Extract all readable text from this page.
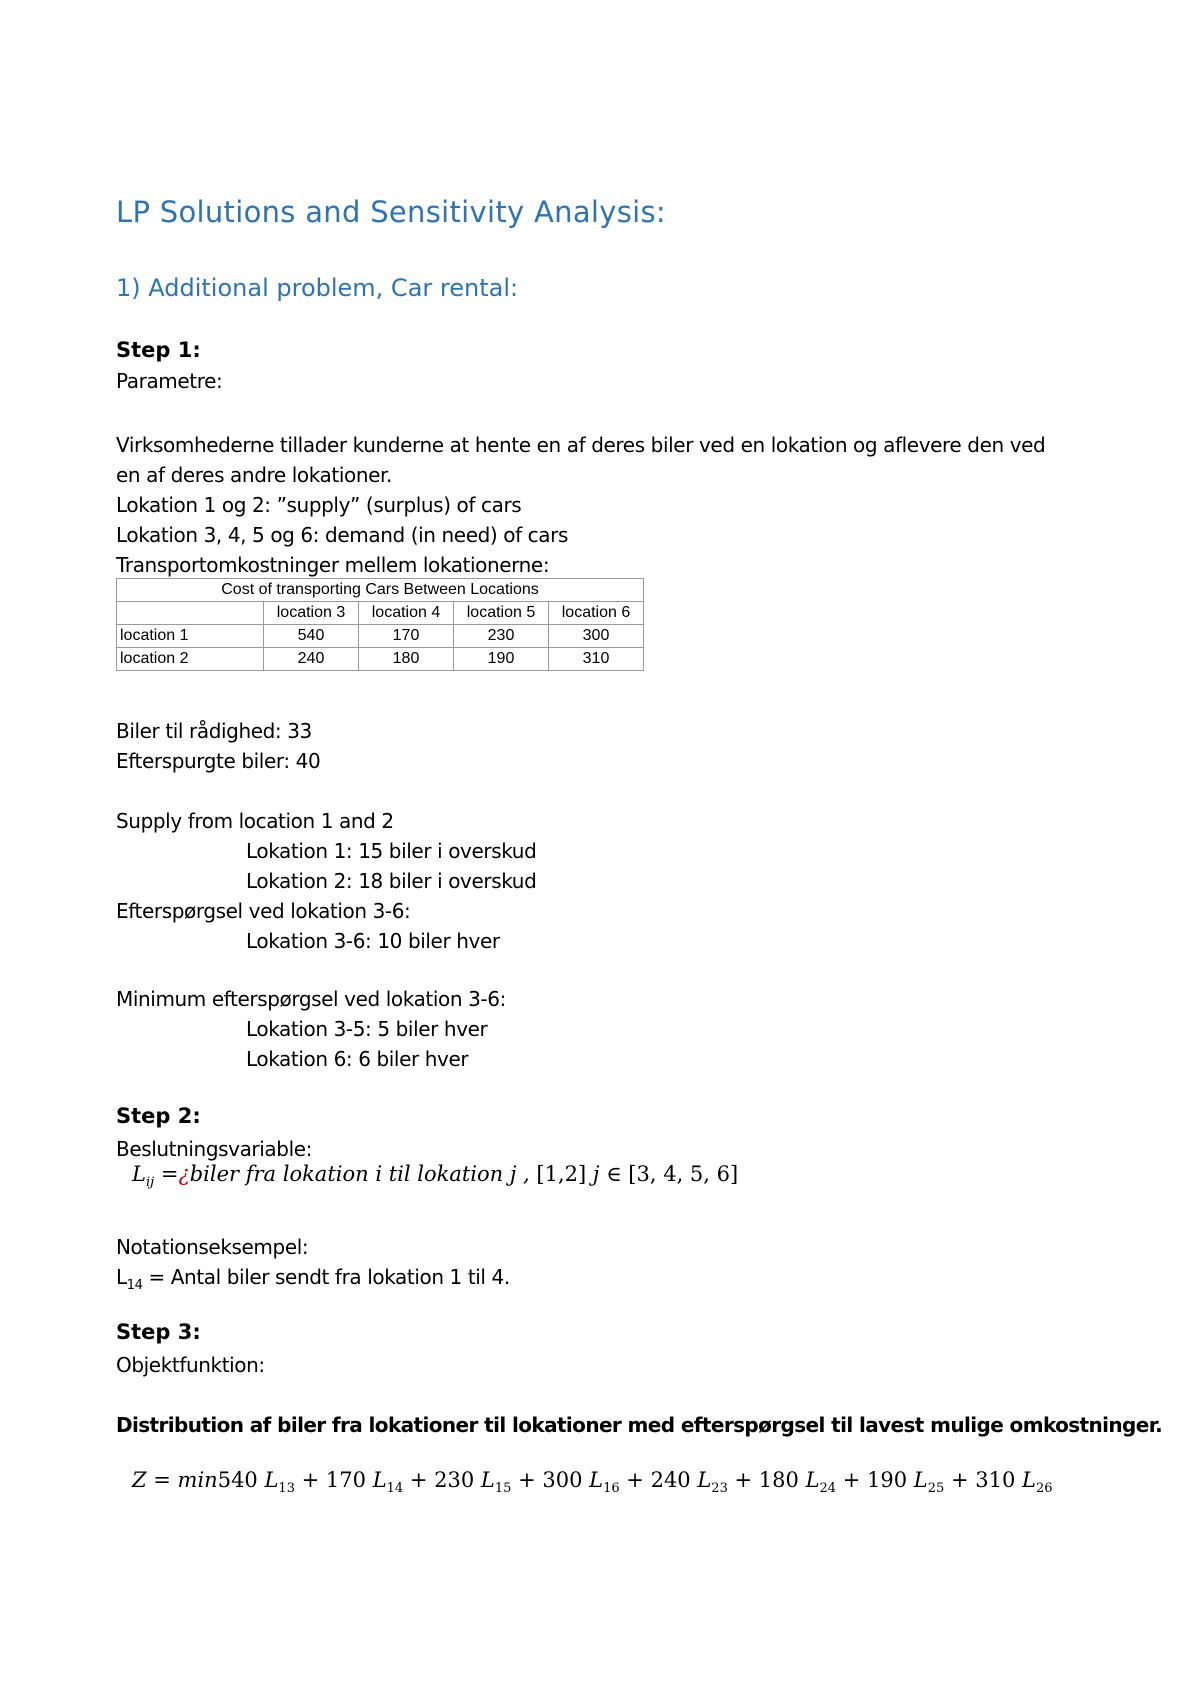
LP Solutions and Sensitivity Analysis:
1) Additional problem, Car rental:
Step 1:
Parametre:
Virksomhederne tillader kunderne at hente en af deres biler ved en lokation og aflevere den ved
en af deres andre lokationer.
Lokation 1 og 2: ”supply” (surplus) of cars
Lokation 3, 4, 5 og 6: demand (in need) of cars
Transportomkostninger mellem lokationerne:
Cost of transporting Cars Between Locations				
	location 3	location 4	location 5	location 6
location 1	540	170	230	300
location 2	240	180	190	310
Biler til rådighed: 33
Efterspurgte biler: 40
Supply from location 1 and 2
Lokation 1: 15 biler i overskud
Lokation 2: 18 biler i overskud
Efterspørgsel ved lokation 3-6:
Lokation 3-6: 10 biler hver
Minimum efterspørgsel ved lokation 3-6:
Lokation 3-5: 5 biler hver
Lokation 6: 6 biler hver
Step 2:
Beslutningsvariable:
$L_{ij}$ =¿biler fra lokation i til lokation j , [1,2] j ∈ [3, 4, 5, 6]
Notationseksempel:
$L_{14}$ = Antal biler sendt fra lokation 1 til 4.
Step 3:
Objektfunktion:
Distribution af biler fra lokationer til lokationer med efterspørgsel til lavest mulige omkostninger.
Z = min540 $L_{13} + 170$ $L_{14} + 230$ $L_{15} + 300$ $L_{16} + 240$ $L_{23} + 180$ $L_{24} + 190$ $L_{25} + 310$ $L_{26}$
